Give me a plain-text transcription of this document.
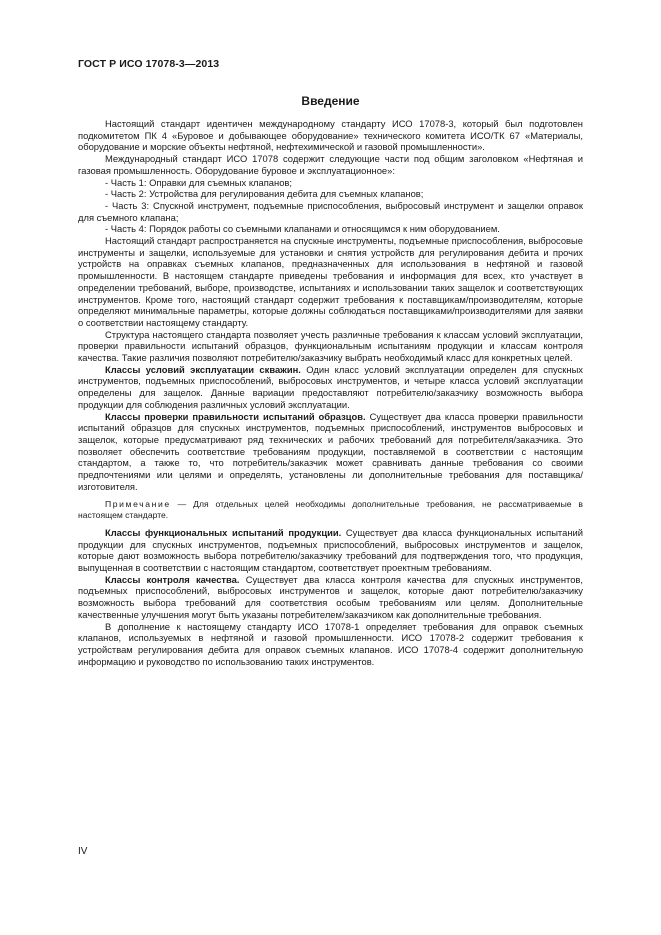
ГОСТ Р ИСО 17078-3—2013
Введение

Настоящий стандарт идентичен международному стандарту ИСО 17078-3, который был подготовлен подкомитетом ПК 4 «Буровое и добывающее оборудование» технического комитета ИСО/ТК 67 «Материалы, оборудование и морские объекты нефтяной, нефтехимической и газовой промышленности».

Международный стандарт ИСО 17078 содержит следующие части под общим заголовком «Нефтяная и газовая промышленность. Оборудование буровое и эксплуатационное»:

- Часть 1: Оправки для съемных клапанов;

- Часть 2: Устройства для регулирования дебита для съемных клапанов;

- Часть 3: Спускной инструмент, подъемные приспособления, выбросовый инструмент и защелки оправок для съемного клапана;

- Часть 4: Порядок работы со съемными клапанами и относящимся к ним оборудованием.

Настоящий стандарт распространяется на спускные инструменты, подъемные приспособления, выбросовые инструменты и защелки, используемые для установки и снятия устройств для регулирования дебита и прочих устройств на оправках съемных клапанов, предназначенных для использования в нефтяной и газовой промышленности. В настоящем стандарте приведены требования и информация для всех, кто участвует в определении требований, выборе, производстве, испытаниях и использовании таких защелок и соответствующих инструментов. Кроме того, настоящий стандарт содержит требования к поставщикам/производителям, которые определяют минимальные параметры, которые должны соблюдаться поставщиками/производителями для заявки о соответствии настоящему стандарту.

Структура настоящего стандарта позволяет учесть различные требования к классам условий эксплуатации, проверки правильности испытаний образцов, функциональным испытаниям продукции и классам контроля качества. Такие различия позволяют потребителю/заказчику выбрать необходимый класс для конкретных целей.

Классы условий эксплуатации скважин. Один класс условий эксплуатации определен для спускных инструментов, подъемных приспособлений, выбросовых инструментов, и четыре класса условий эксплуатации определены для защелок. Данные вариации предоставляют потребителю/заказчику возможность выбора продукции для соблюдения различных условий эксплуатации.

Классы проверки правильности испытаний образцов. Существует два класса проверки правильности испытаний образцов для спускных инструментов, подъемных приспособлений, инструментов выбросовых и защелок, которые предусматривают ряд технических и рабочих требований для потребителя/заказчика. Это позволяет обеспечить соответствие требованиям продукции, поставляемой в соответствии с настоящим стандартом, а также то, что потребитель/заказчик может сравнивать данные требования со своими предпочтениями или целями и определять, установлены ли дополнительные требования для поставщика/изготовителя.

Примечание — Для отдельных целей необходимы дополнительные требования, не рассматриваемые в настоящем стандарте.

Классы функциональных испытаний продукции. Существует два класса функциональных испытаний продукции для спускных инструментов, подъемных приспособлений, выбросовых инструментов и защелок, которые дают возможность выбора потребителю/заказчику требований для подтверждения того, что продукция, выпущенная в соответствии с настоящим стандартом, соответствует проектным требованиям.

Классы контроля качества. Существует два класса контроля качества для спускных инструментов, подъемных приспособлений, выбросовых инструментов и защелок, которые дают потребителю/заказчику возможность выбора требований для соответствия особым требованиям или целям. Дополнительные качественные улучшения могут быть указаны потребителем/заказчиком как дополнительные требования.

В дополнение к настоящему стандарту ИСО 17078-1 определяет требования для оправок съемных клапанов, используемых в нефтяной и газовой промышленности. ИСО 17078-2 содержит требования к устройствам регулирования дебита для оправок съемных клапанов. ИСО 17078-4 содержит дополнительную информацию и руководство по использованию таких инструментов.

IV
